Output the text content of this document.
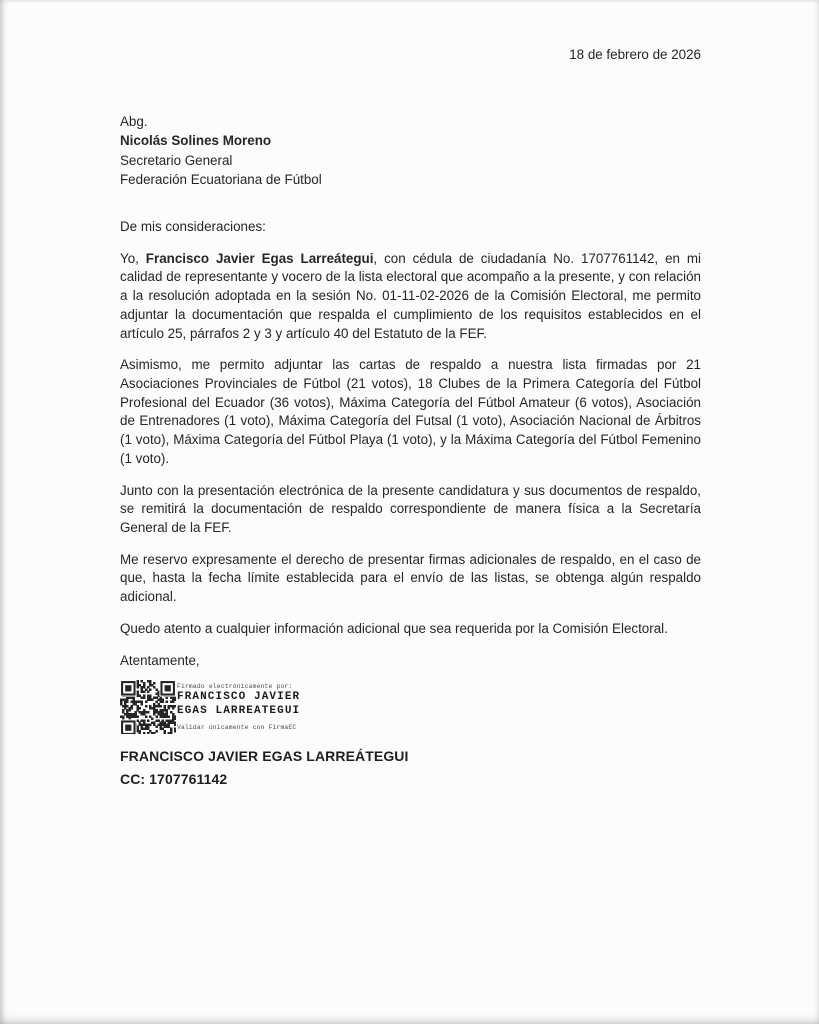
18 de febrero de 2026
Abg.
Nicolás Solines Moreno
Secretario General
Federación Ecuatoriana de Fútbol
De mis consideraciones:

Yo, Francisco Javier Egas Larreátegui, con cédula de ciudadanía No. 1707761142, en mi calidad de representante y vocero de la lista electoral que acompaño a la presente, y con relación a la resolución adoptada en la sesión No. 01-11-02-2026 de la Comisión Electoral, me permito adjuntar la documentación que respalda el cumplimiento de los requisitos establecidos en el artículo 25, párrafos 2 y 3 y artículo 40 del Estatuto de la FEF.

Asimismo, me permito adjuntar las cartas de respaldo a nuestra lista firmadas por 21 Asociaciones Provinciales de Fútbol (21 votos), 18 Clubes de la Primera Categoría del Fútbol Profesional del Ecuador (36 votos), Máxima Categoría del Fútbol Amateur (6 votos), Asociación de Entrenadores (1 voto), Máxima Categoría del Futsal (1 voto), Asociación Nacional de Árbitros (1 voto), Máxima Categoría del Fútbol Playa (1 voto), y la Máxima Categoría del Fútbol Femenino (1 voto).

Junto con la presentación electrónica de la presente candidatura y sus documentos de respaldo, se remitirá la documentación de respaldo correspondiente de manera física a la Secretaría General de la FEF.

Me reservo expresamente el derecho de presentar firmas adicionales de respaldo, en el caso de que, hasta la fecha límite establecida para el envío de las listas, se obtenga algún respaldo adicional.

Quedo atento a cualquier información adicional que sea requerida por la Comisión Electoral.

Atentamente,
Firmado electrónicamente por:
FRANCISCO JAVIER
EGAS LARREATEGUI
Validar únicamente con FirmaEC
FRANCISCO JAVIER EGAS LARREÁTEGUI
CC: 1707761142
